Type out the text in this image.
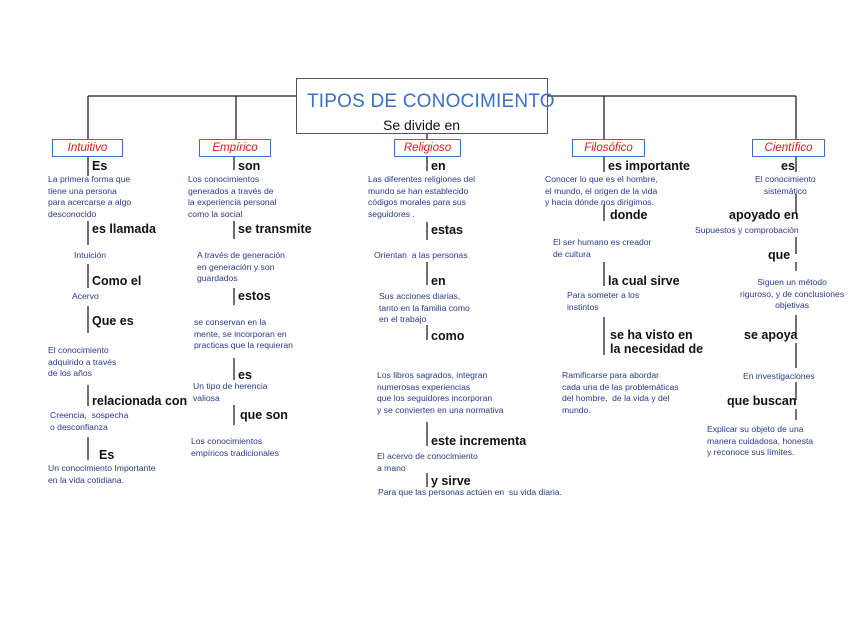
TIPOS DE CONOCIMIENTO
Se divide en
Intuitivo	Empírico	Religioso	Filosófico	Científico
Es
La primera forma que
tiene una persona
para acercarse a algo
desconocido
es llamada
Intuición
Como el
Acervo
Que es
El conocimiento
adquirido a través
de los años
relacionada con
Creencia,  sospecha
o desconfianza
Es
Un conocimiento Importante
en la vida cotidiana.
son
Los conocimientos
generados a través de
la experiencia personal
como la social
se transmite
A través de generación
en generación y son
guardados
estos
se conservan en la
mente, se incorporan en
practicas que la requieran
es
Un tipo de herencia
valiosa
que son
Los conocimientos
empíricos tradicionales
en
Las diferentes religiones del
mundo se han establecido
códigos morales para sus
seguidores .
estas
Orientan  a las personas
en
Sus acciones diarias,
tanto en la familia como
en el trabajo
como
Los libros sagrados, integran
numerosas experiencias
que los seguidores incorporan
y se convierten en una normativa
este incrementa
El acervo de conocimiento
a mano
y sirve
Para que las personas actúen en  su vida diaria.
es importante
Conocer lo que es el hombre,
el mundo, el origen de la vida
y hacia dónde nos dirigimos.
donde
El ser humano es creador
de cultura
la cual sirve
Para someter a los
instintos
se ha visto en
la necesidad de
Ramificarse para abordar
cada una de las problemáticas
del hombre,  de la vida y del
mundo.
es
El conocimiento
sistemático
apoyado en
Supuestos y comprobación
que
Siguen un método
riguroso, y de conclusiones
objetivas
se apoya
En investigaciones
que buscan
Explicar su objeto de una
manera cuidadosa, honesta
y reconoce sus límites.
